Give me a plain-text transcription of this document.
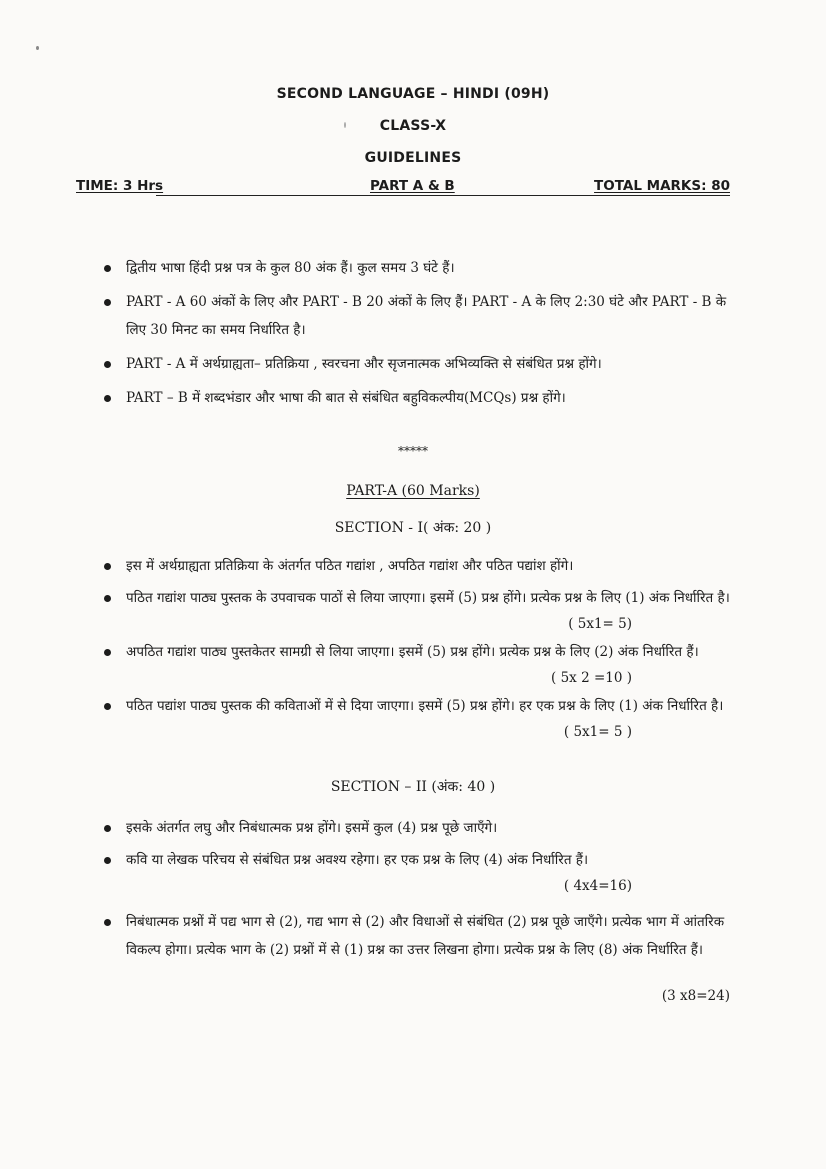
SECOND LANGUAGE – HINDI (09H)
CLASS-X
GUIDELINES
TIME: 3 Hrs	PART A & B	TOTAL MARKS: 80
द्वितीय भाषा हिंदी प्रश्न पत्र के कुल 80 अंक हैं। कुल समय 3 घंटे हैं।
PART - A 60 अंकों के लिए और PART - B 20 अंकों के लिए हैं। PART - A के लिए 2:30 घंटे और PART - B के लिए 30 मिनट का समय निर्धारित है।
PART - A में अर्थग्राह्यता– प्रतिक्रिया , स्वरचना और सृजनात्मक अभिव्यक्ति से संबंधित प्रश्न होंगे।
PART – B में शब्दभंडार और भाषा की बात से संबंधित बहुविकल्पीय(MCQs) प्रश्न होंगे।
*****
PART-A (60 Marks)
SECTION - I( अंक: 20 )
इस में अर्थग्राह्यता प्रतिक्रिया के अंतर्गत पठित गद्यांश , अपठित गद्यांश और पठित पद्यांश होंगे।
पठित गद्यांश पाठ्य पुस्तक के उपवाचक पाठों से लिया जाएगा। इसमें (5) प्रश्न होंगे। प्रत्येक प्रश्न के लिए (1) अंक निर्धारित है।
( 5x1= 5)
अपठित गद्यांश पाठ्य पुस्तकेतर सामग्री से लिया जाएगा। इसमें (5) प्रश्न होंगे। प्रत्येक प्रश्न के लिए (2) अंक निर्धारित हैं।
( 5x 2 =10 )
पठित पद्यांश पाठ्य पुस्तक की कविताओं में से दिया जाएगा। इसमें (5) प्रश्न होंगे। हर एक प्रश्न के लिए (1) अंक निर्धारित है।
( 5x1= 5 )
SECTION – II (अंक: 40 )
इसके अंतर्गत लघु और निबंधात्मक प्रश्न होंगे। इसमें कुल (4) प्रश्न पूछे जाएँगे।
कवि या लेखक परिचय से संबंधित प्रश्न अवश्य रहेगा। हर एक प्रश्न के लिए (4) अंक निर्धारित हैं।
( 4x4=16)
निबंधात्मक प्रश्नों में पद्य भाग से (2), गद्य भाग से (2) और विधाओं से संबंधित (2) प्रश्न पूछे जाएँगे। प्रत्येक भाग में आंतरिक विकल्प होगा। प्रत्येक भाग के (2) प्रश्नों में से (1) प्रश्न का उत्तर लिखना होगा। प्रत्येक प्रश्न के लिए (8) अंक निर्धारित हैं।
(3 x8=24)
